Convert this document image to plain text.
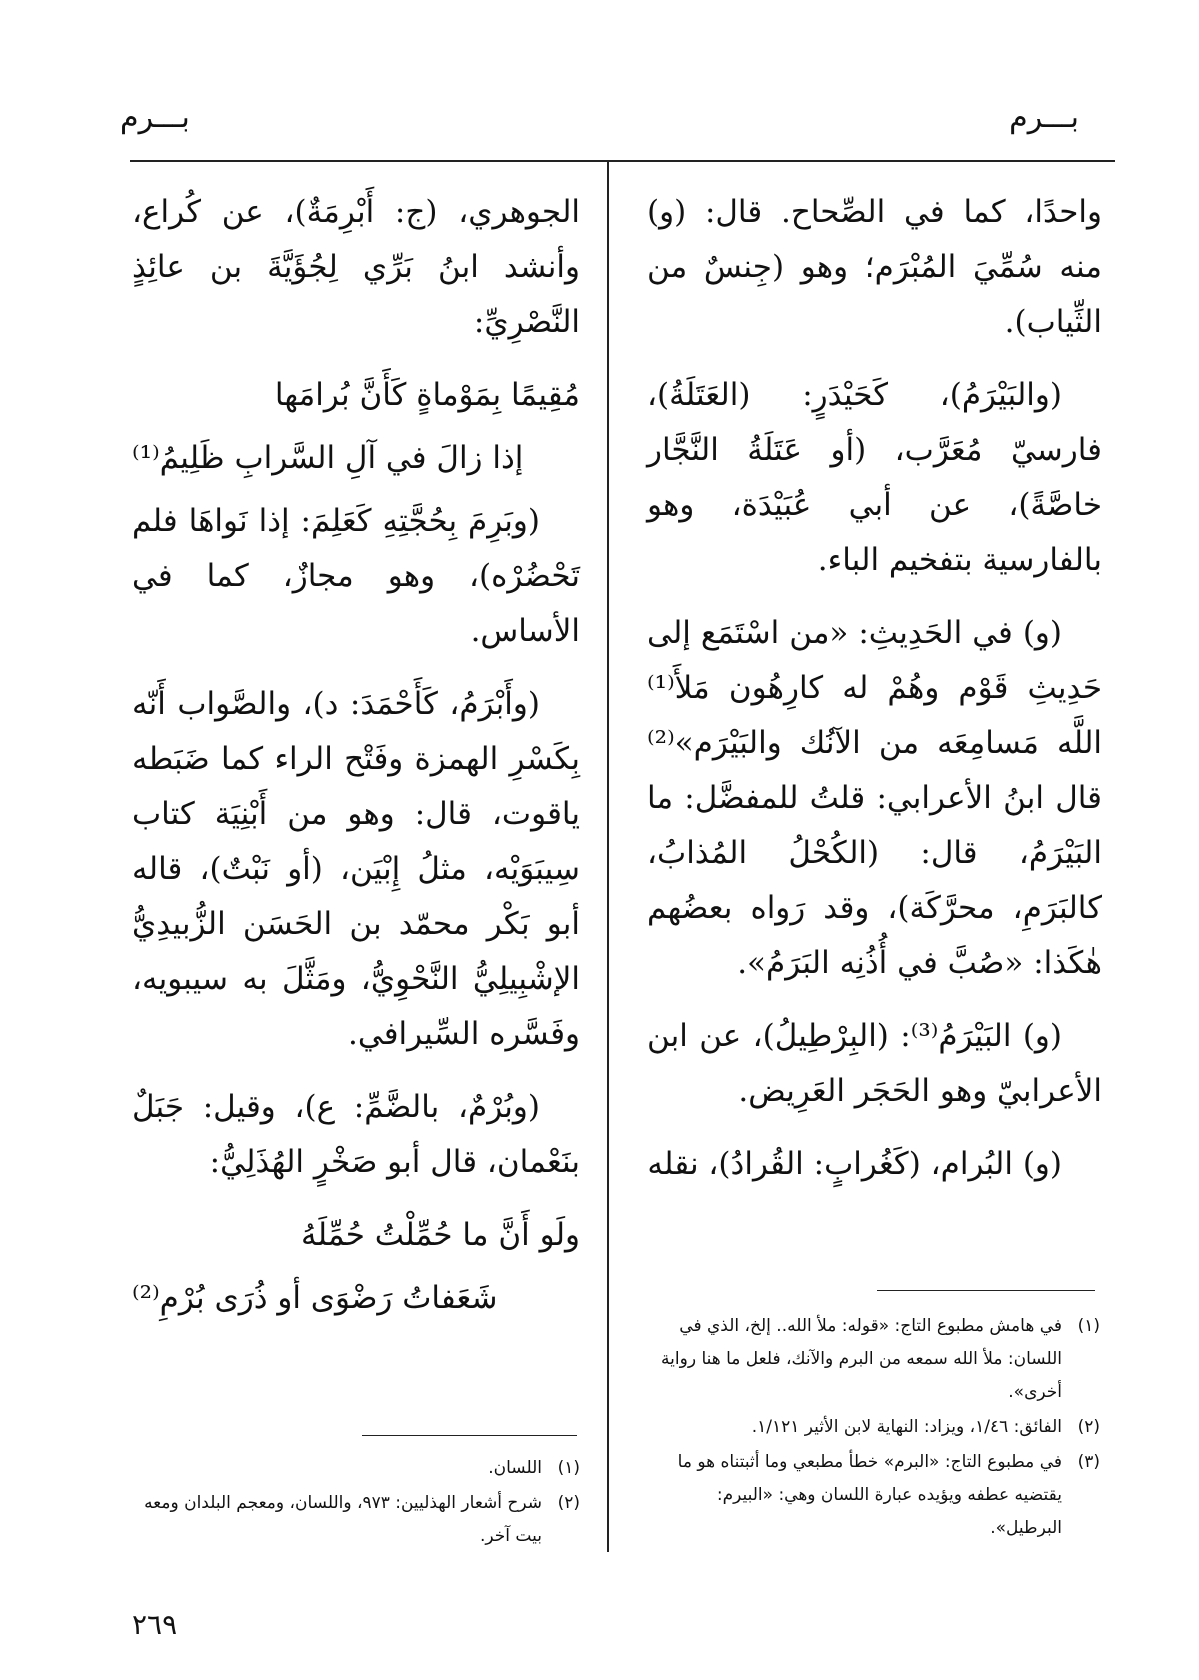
بـــرم
بـــرم

واحدًا، كما في الصِّحاح. قال: (و) منه سُمِّيَ المُبْرَم؛ وهو (جِنسٌ من الثِّياب).

(والبَيْرَمُ)، كَحَيْدَرٍ: (العَتَلَةُ)، فارسيّ مُعَرَّب، (أو عَتَلَةُ النَّجَّار خاصَّةً)، عن أبي عُبَيْدَة، وهو بالفارسية بتفخيم الباء.

(و) في الحَدِيثِ: «من اسْتَمَع إلى حَدِيثِ قَوْم وهُمْ له كارِهُون مَلأَ⁽¹⁾ اللَّه مَسامِعَه من الآنُك والبَيْرَم»⁽²⁾ قال ابنُ الأعرابي: قلتُ للمفضَّل: ما البَيْرَمُ، قال: (الكُحْلُ المُذابُ، كالبَرَمِ، محرَّكَة)، وقد رَواه بعضُهم هٰكَذا: «صُبَّ في أُذُنِه البَرَمُ».

(و) البَيْرَمُ⁽³⁾: (البِرْطِيلُ)، عن ابن الأعرابيّ وهو الحَجَر العَرِيض.

(و) البُرام، (كَغُرابٍ: القُرادُ)، نقله

(١)
في هامش مطبوع التاج: «قوله: ملأ الله.. إلخ، الذي في اللسان: ملأ الله سمعه من البرم والآنك، فلعل ما هنا رواية أخرى».
(٢)
الفائق: ١/٤٦، ويزاد: النهاية لابن الأثير ١/١٢١.
(٣)
في مطبوع التاج: «البرم» خطأ مطبعي وما أثبتناه هو ما يقتضيه عطفه ويؤيده عبارة اللسان وهي: «البيرم: البرطيل».

الجوهري، (ج: أَبْرِمَةٌ)، عن كُراع، وأنشد ابنُ بَرِّي لِجُؤَيَّةَ بن عائِذٍ النَّصْرِيِّ:

مُقِيمًا بِمَوْماةٍ كَأَنَّ بُرامَها

إذا زالَ في آلِ السَّرابِ ظَلِيمُ⁽¹⁾

(وبَرِمَ بِحُجَّتِهِ كَعَلِمَ: إذا نَواهَا فلم تَحْضُرْه)، وهو مجازٌ، كما في الأساس.

(وأَبْرَمُ، كَأَحْمَدَ: د)، والصَّواب أَنّه بِكَسْرِ الهمزة وفَتْح الراء كما ضَبَطه ياقوت، قال: وهو من أَبْنِيَة كتاب سِيبَوَيْه، مثلُ إِبْيَن، (أو نَبْتٌ)، قاله أبو بَكْر محمّد بن الحَسَن الزُّبيدِيُّ الإشْبِيلِيُّ النَّحْوِيُّ، ومَثَّلَ به سيبويه، وفَسَّره السِّيرافي.

(وبُرْمٌ، بالضَّمِّ: ع)، وقيل: جَبَلٌ بنَعْمان، قال أبو صَخْرٍ الهُذَلِيُّ:

ولَو أَنَّ ما حُمِّلْتُ حُمِّلَهُ

شَعَفاتُ رَضْوَى أو ذُرَى بُرْمِ⁽²⁾

(١)
اللسان.
(٢)
شرح أشعار الهذليين: ٩٧٣، واللسان، ومعجم البلدان ومعه بيت آخر.
٢٦٩
